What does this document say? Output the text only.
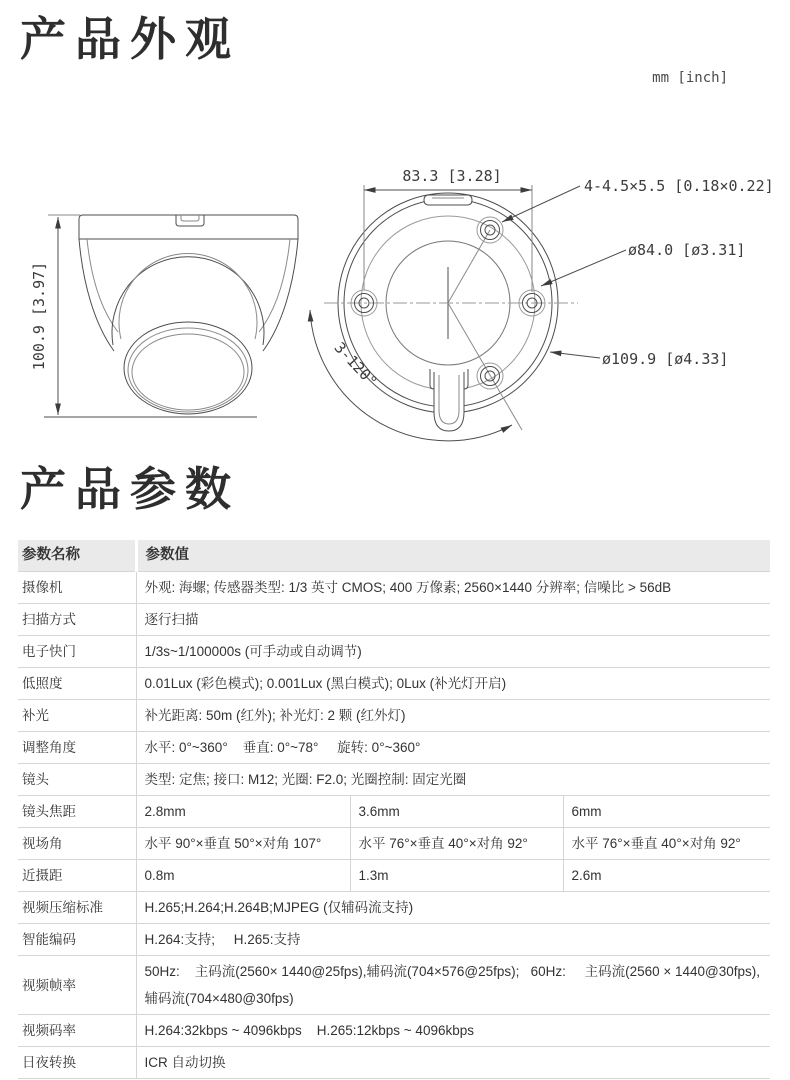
产品外观
mm [inch]
100.9 [3.97]
83.3 [3.28]
4-4.5×5.5 [0.18×0.22]
ø84.0 [ø3.31]
ø109.9 [ø4.33]
3-120°
产品参数
参数名称	参数值		
摄像机	外观: 海螺; 传感器类型: 1/3 英寸 CMOS; 400 万像素; 2560×1440 分辨率; 信噪比 > 56dB		
扫描方式	逐行扫描		
电子快门	1/3s~1/100000s (可手动或自动调节)		
低照度	0.01Lux (彩色模式); 0.001Lux (黑白模式); 0Lux (补光灯开启)		
补光	补光距离: 50m (红外); 补光灯: 2 颗 (红外灯)		
调整角度	水平: 0°~360°    垂直: 0°~78°     旋转: 0°~360°		
镜头	类型: 定焦; 接口: M12; 光圈: F2.0; 光圈控制: 固定光圈		
镜头焦距	2.8mm	3.6mm	6mm
视场角	水平 90°×垂直 50°×对角 107°	水平 76°×垂直 40°×对角 92°	水平 76°×垂直 40°×对角 92°
近摄距	0.8m	1.3m	2.6m
视频压缩标准	H.265;H.264;H.264B;MJPEG (仅辅码流支持)		
智能编码	H.264:支持;     H.265:支持		
视频帧率	50Hz:    主码流(2560× 1440@25fps),辅码流(704×576@25fps);   60Hz:     主码流(2560 × 1440@30fps),辅码流(704×480@30fps)		
视频码率	H.264:32kbps ~ 4096kbps    H.265:12kbps ~ 4096kbps		
日夜转换	ICR 自动切换		
